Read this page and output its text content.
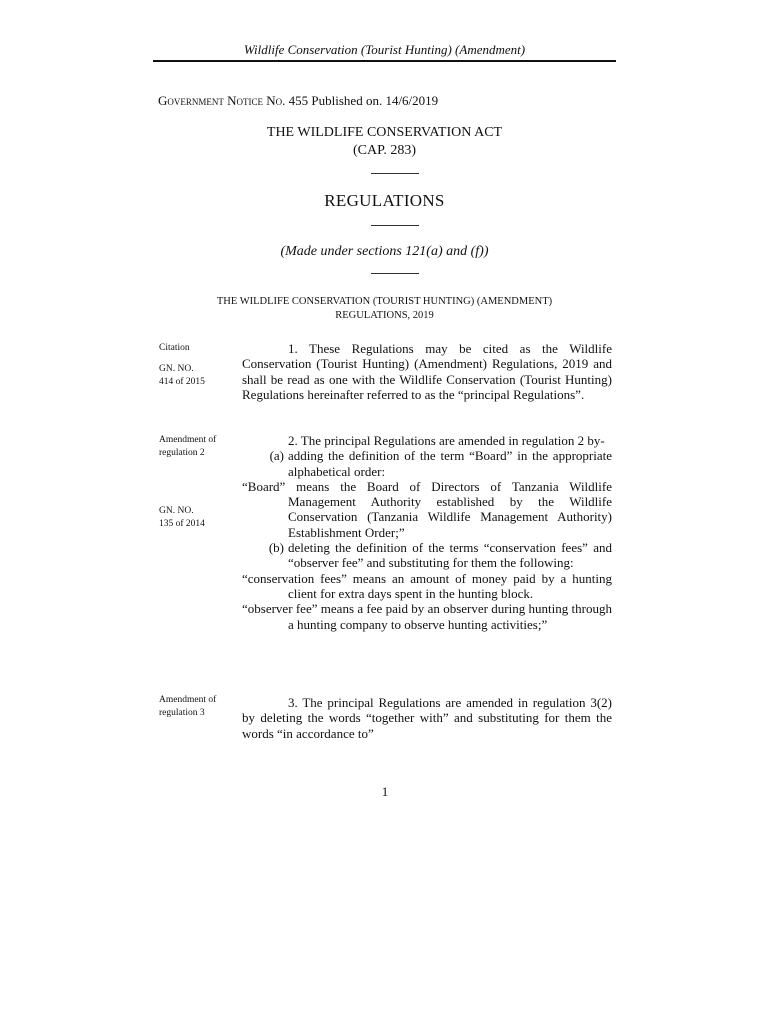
Wildlife Conservation (Tourist Hunting) (Amendment)
Government Notice No. 455 Published on. 14/6/2019
THE WILDLIFE CONSERVATION ACT
(CAP. 283)
REGULATIONS
(Made under sections 121(a) and (f))
THE WILDLIFE CONSERVATION (TOURIST HUNTING) (AMENDMENT)
REGULATIONS, 2019
Citation
GN. NO.
414 of 2015
Amendment of
regulation 2
GN. NO.
135 of 2014
Amendment of
regulation 3

1. These Regulations may be cited as the Wildlife Conservation (Tourist Hunting) (Amendment) Regulations, 2019 and shall be read as one with the Wildlife Conservation (Tourist Hunting) Regulations hereinafter referred to as the “principal Regulations”.

2. The principal Regulations are amended in regulation 2 by-

(a) adding the definition of the term “Board” in the appropriate alphabetical order:

“Board” means the Board of Directors of Tanzania Wildlife Management Authority established by the Wildlife Conservation (Tanzania Wildlife Management Authority) Establishment Order;”

(b) deleting the definition of the terms “conservation fees” and “observer fee” and substituting for them the following:

“conservation fees” means an amount of money paid by a hunting client for extra days spent in the hunting block.

“observer fee” means a fee paid by an observer during hunting through a hunting company to observe hunting activities;”

3. The principal Regulations are amended in regulation 3(2) by deleting the words “together with” and substituting for them the words “in accordance to”

1
